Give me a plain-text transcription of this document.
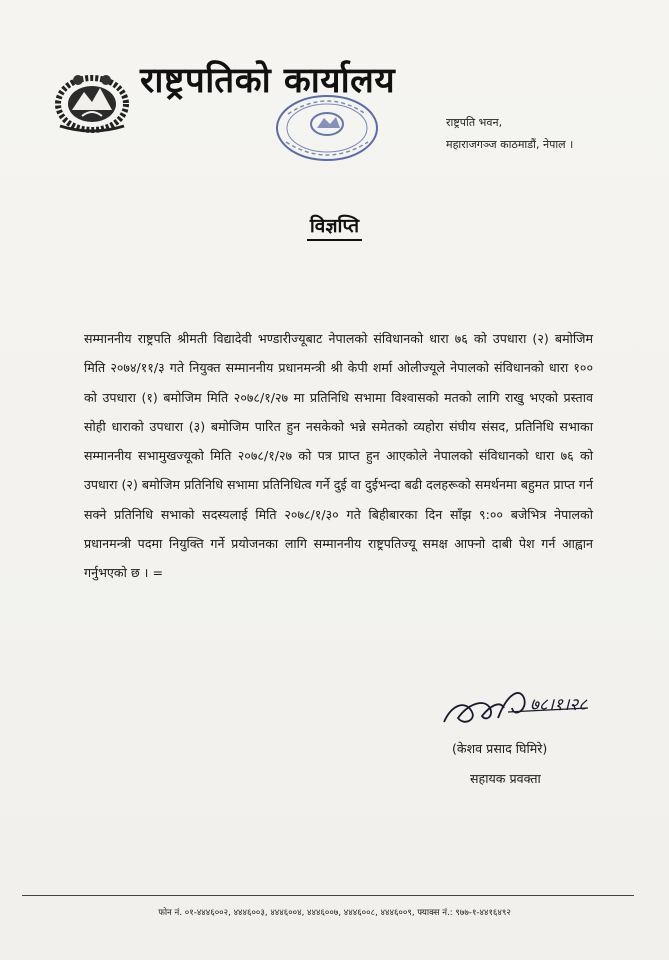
राष्ट्रपतिको कार्यालय
राष्ट्रपति भवन,
महाराजगञ्ज काठमाडौं, नेपाल ।
विज्ञप्ति
सम्माननीय राष्ट्रपति श्रीमती विद्यादेवी भण्डारीज्यूबाट नेपालको संविधानको धारा ७६ को उपधारा (२) बमोजिम मिति २०७४/११/३ गते नियुक्त सम्माननीय प्रधानमन्त्री श्री केपी शर्मा ओलीज्यूले नेपालको संविधानको धारा १०० को उपधारा (१) बमोजिम मिति २०७८/१/२७ मा प्रतिनिधि सभामा विश्वासको मतको लागि राखु भएको प्रस्ताव सोही धाराको उपधारा (३) बमोजिम पारित हुन नसकेको भन्ने समेतको व्यहोरा संघीय संसद, प्रतिनिधि सभाका सम्माननीय सभामुखज्यूको मिति २०७८/१/२७ को पत्र प्राप्त हुन आएकोले नेपालको संविधानको धारा ७६ को उपधारा (२) बमोजिम प्रतिनिधि सभामा प्रतिनिधित्व गर्ने दुई वा दुईभन्दा बढी दलहरूको समर्थनमा बहुमत प्राप्त गर्न सक्ने प्रतिनिधि सभाको सदस्यलाई मिति २०७८/१/३० गते बिहीबारका दिन साँझ ९:०० बजेभित्र नेपालको प्रधानमन्त्री पदमा नियुक्ति गर्ने प्रयोजनका लागि सम्माननीय राष्ट्रपतिज्यू समक्ष आफ्नो दाबी पेश गर्न आह्वान गर्नुभएको छ । =
७८।१।२८
(केशव प्रसाद घिमिरे)
सहायक प्रवक्ता
फोन नं. ०१-४४४६००२, ४४४६००३, ४४४६००४, ४४४६००७, ४४४६००८, ४४४६००९, फ्याक्स नं.: ९७७-१-४४१६४९२
